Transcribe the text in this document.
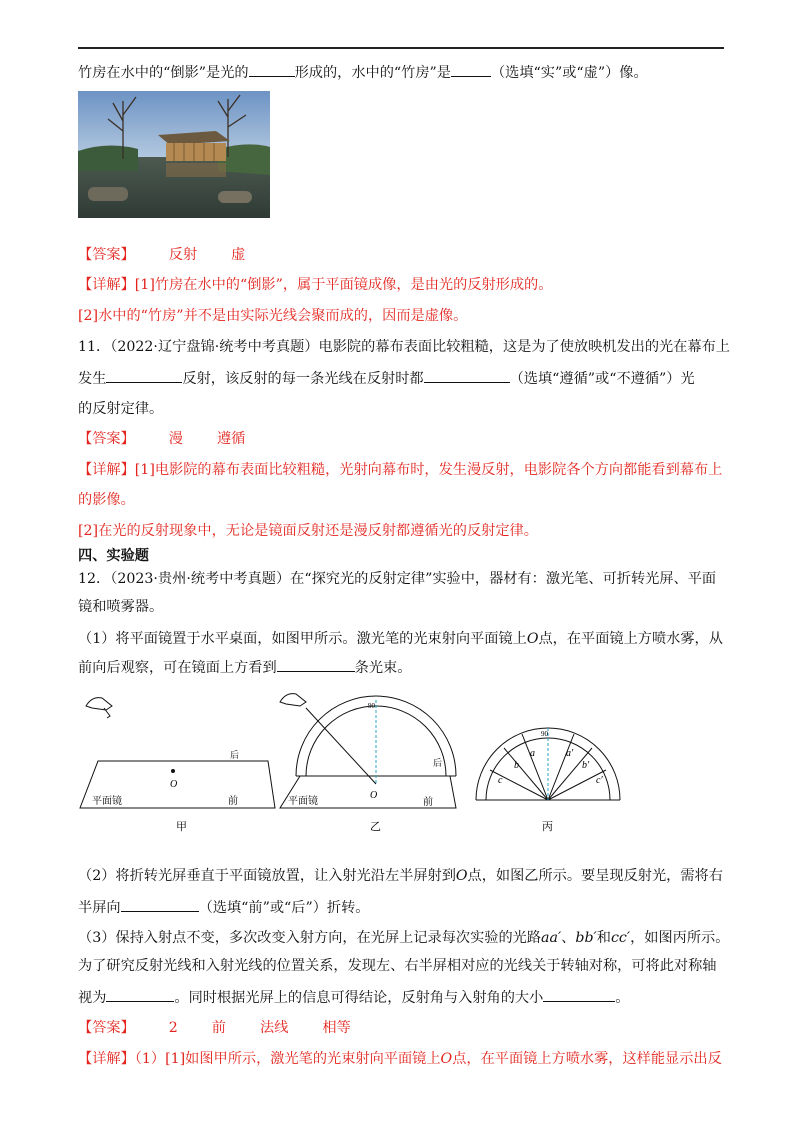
竹房在水中的“倒影”是光的	形成的，水中的“竹房”是	（选填“实”或“虚”）像。
【答案】 反射 虚
【详解】[1]竹房在水中的“倒影”，属于平面镜成像，是由光的反射形成的。
[2]水中的“竹房”并不是由实际光线会聚而成的，因而是虚像。
11．（2022·辽宁盘锦·统考中考真题）电影院的幕布表面比较粗糙，这是为了使放映机发出的光在幕布上
发生	反射，该反射的每一条光线在反射时都	（选填“遵循”或“不遵循”）光
的反射定律。
【答案】 漫 遵循
【详解】[1]电影院的幕布表面比较粗糙，光射向幕布时，发生漫反射，电影院各个方向都能看到幕布上
的影像。
[2]在光的反射现象中，无论是镜面反射还是漫反射都遵循光的反射定律。
四、实验题
12．（2023·贵州·统考中考真题）在“探究光的反射定律”实验中，器材有：激光笔、可折转光屏、平面
镜和喷雾器。
（1）将平面镜置于水平桌面，如图甲所示。激光笔的光束射向平面镜上O点，在平面镜上方喷水雾，从
前向后观察，可在镜面上方看到	条光束。
后
平面镜	前
O
90
后
平面镜	前
O
90
a
b
c
a′
b′
c′
甲	乙	丙
（2）将折转光屏垂直于平面镜放置，让入射光沿左半屏射到O点，如图乙所示。要呈现反射光，需将右
半屏向	（选填“前”或“后”）折转。
（3）保持入射点不变，多次改变入射方向，在光屏上记录每次实验的光路aa′、bb′和cc′，如图丙所示。
为了研究反射光线和入射光线的位置关系，发现左、右半屏相对应的光线关于转轴对称，可将此对称轴
视为	。同时根据光屏上的信息可得结论，反射角与入射角的大小	。
【答案】 2 前 法线 相等
【详解】（1）[1]如图甲所示，激光笔的光束射向平面镜上O点，在平面镜上方喷水雾，这样能显示出反
